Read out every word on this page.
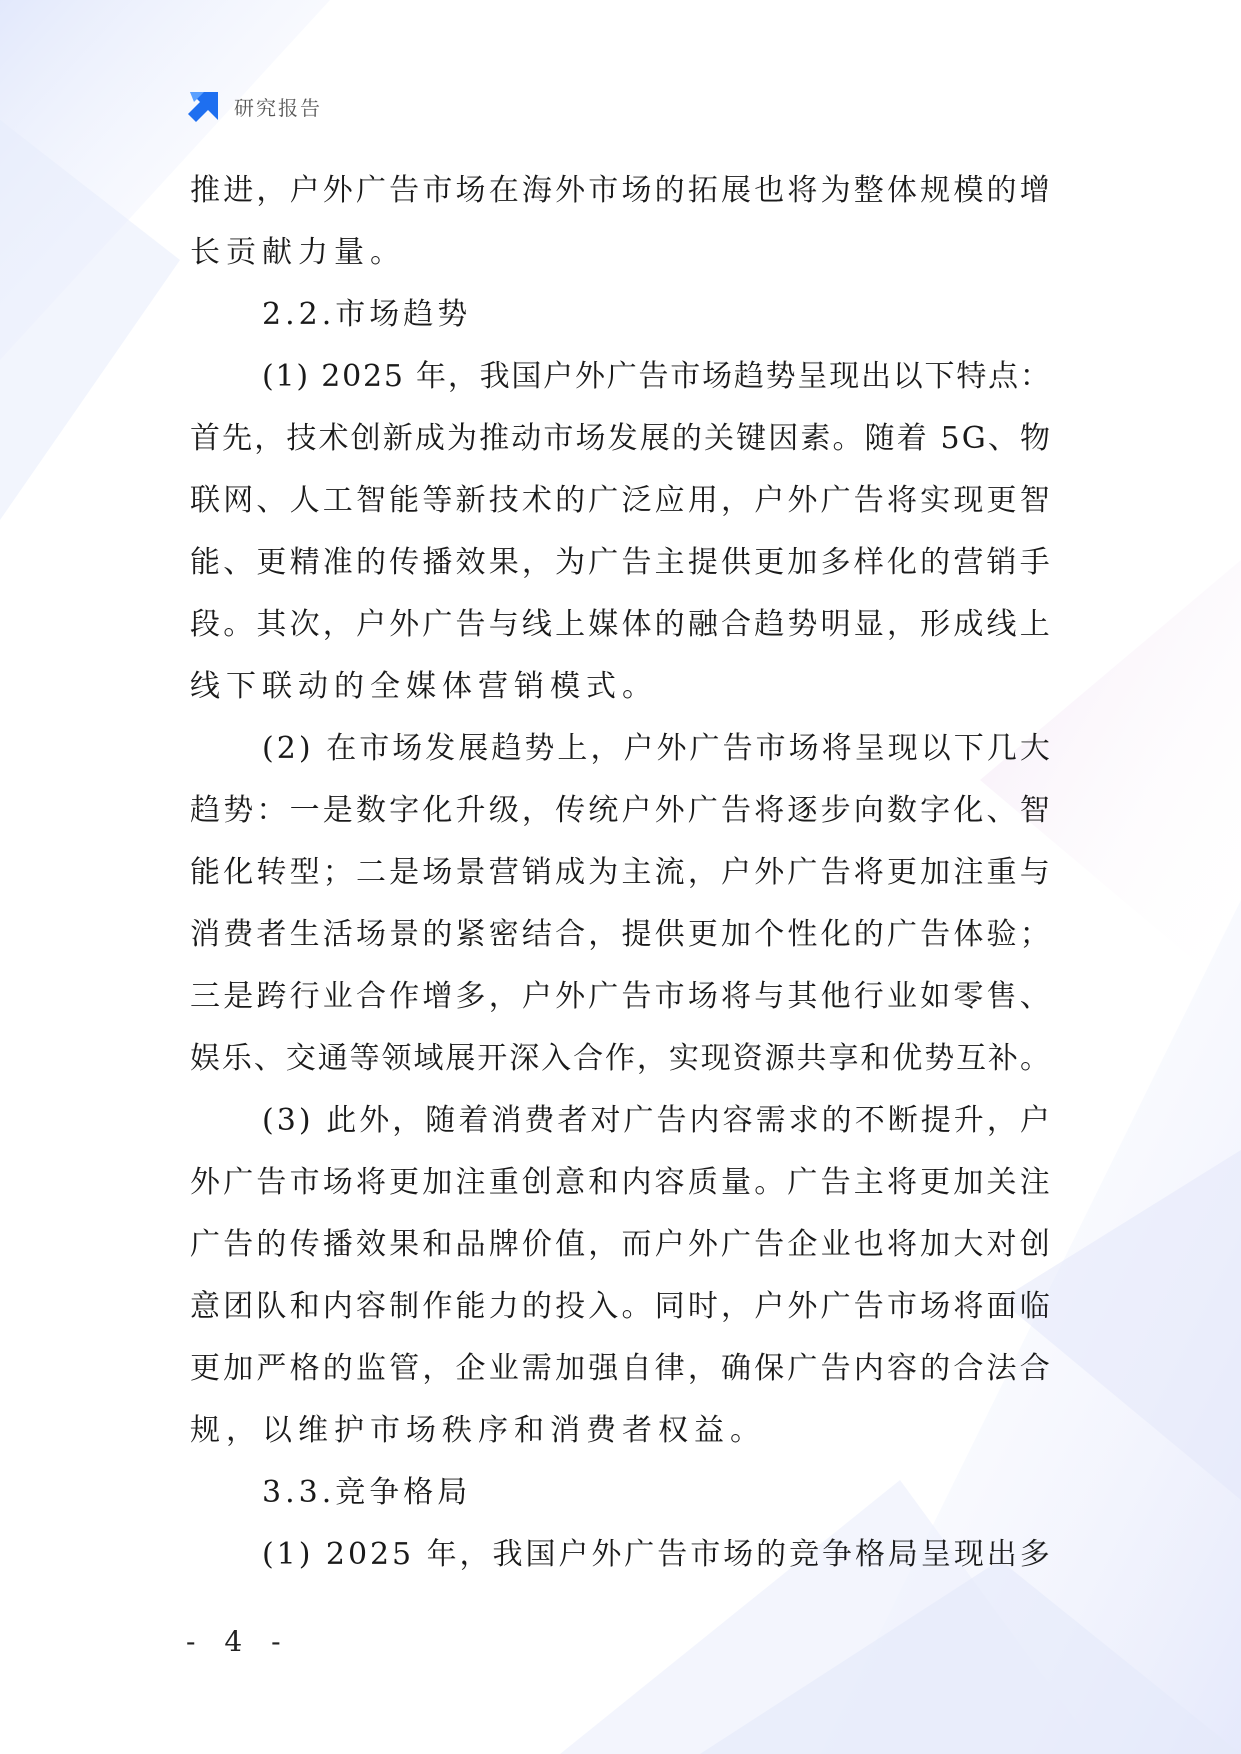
研究报告
推 进 ， 户 外 广 告 市 场 在 海 外 市 场 的 拓 展 也 将 为 整 体 规 模 的 增
长贡献力量。
2.2.市场趋势
( 1 )
2 0 2 5
年 ， 我 国 户 外 广 告 市 场 趋 势 呈 现 出 以 下 特 点 ：
首 先 ， 技 术 创 新 成 为 推 动 市 场 发 展 的 关 键 因 素 。 随 着
5 G 、 物
联 网 、 人 工 智 能 等 新 技 术 的 广 泛 应 用 ， 户 外 广 告 将 实 现 更 智
能 、 更 精 准 的 传 播 效 果 ， 为 广 告 主 提 供 更 加 多 样 化 的 营 销 手
段 。 其 次 ， 户 外 广 告 与 线 上 媒 体 的 融 合 趋 势 明 显 ， 形 成 线 上
线下联动的全媒体营销模式。
( 2 )
在 市 场 发 展 趋 势 上 ， 户 外 广 告 市 场 将 呈 现 以 下 几 大
趋 势 ： 一 是 数 字 化 升 级 ， 传 统 户 外 广 告 将 逐 步 向 数 字 化 、 智
能 化 转 型 ； 二 是 场 景 营 销 成 为 主 流 ， 户 外 广 告 将 更 加 注 重 与
消 费 者 生 活 场 景 的 紧 密 结 合 ， 提 供 更 加 个 性 化 的 广 告 体 验 ；
三 是 跨 行 业 合 作 增 多 ， 户 外 广 告 市 场 将 与 其 他 行 业 如 零 售 、
娱 乐 、 交 通 等 领 域 展 开 深 入 合 作 ， 实 现 资 源 共 享 和 优 势 互 补 。
( 3 )
此 外 ， 随 着 消 费 者 对 广 告 内 容 需 求 的 不 断 提 升 ， 户
外 广 告 市 场 将 更 加 注 重 创 意 和 内 容 质 量 。 广 告 主 将 更 加 关 注
广 告 的 传 播 效 果 和 品 牌 价 值 ， 而 户 外 广 告 企 业 也 将 加 大 对 创
意 团 队 和 内 容 制 作 能 力 的 投 入 。 同 时 ， 户 外 广 告 市 场 将 面 临
更 加 严 格 的 监 管 ， 企 业 需 加 强 自 律 ， 确 保 广 告 内 容 的 合 法 合
规，以维护市场秩序和消费者权益。
3.3.竞争格局
( 1 )
2 0 2 5
年 ， 我 国 户 外 广 告 市 场 的 竞 争 格 局 呈 现 出 多
- 4 -
